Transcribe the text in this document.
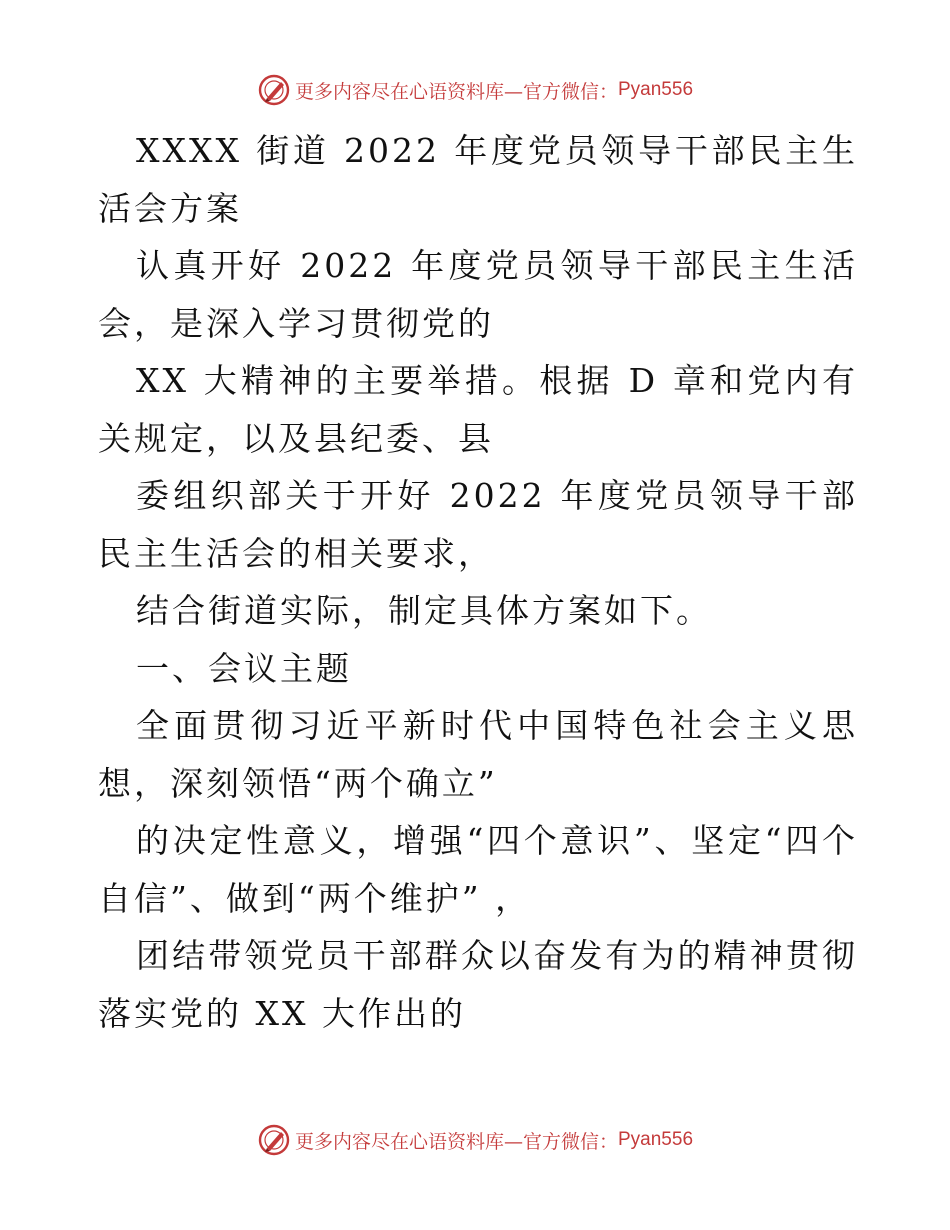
更多内容尽在心语资料库— 官方微信： Pyan556

XXXX 街道 2022 年度党员领导干部民主生活会方案

认真开好 2022 年度党员领导干部民主生活会，是深入学习贯彻党的

XX 大精神的主要举措。根据 D 章和党内有关规定，以及县纪委、县

委组织部关于开好 2022 年度党员领导干部民主生活会的相关要求，

结合街道实际，制定具体方案如下。

一、会议主题

全面贯彻习近平新时代中国特色社会主义思想，深刻领悟“两个确立”

的决定性意义，增强“四个意识”、坚定“四个自信”、做到“两个维护” ，

团结带领党员干部群众以奋发有为的精神贯彻落实党的 XX 大作出的

更多内容尽在心语资料库— 官方微信： Pyan556
